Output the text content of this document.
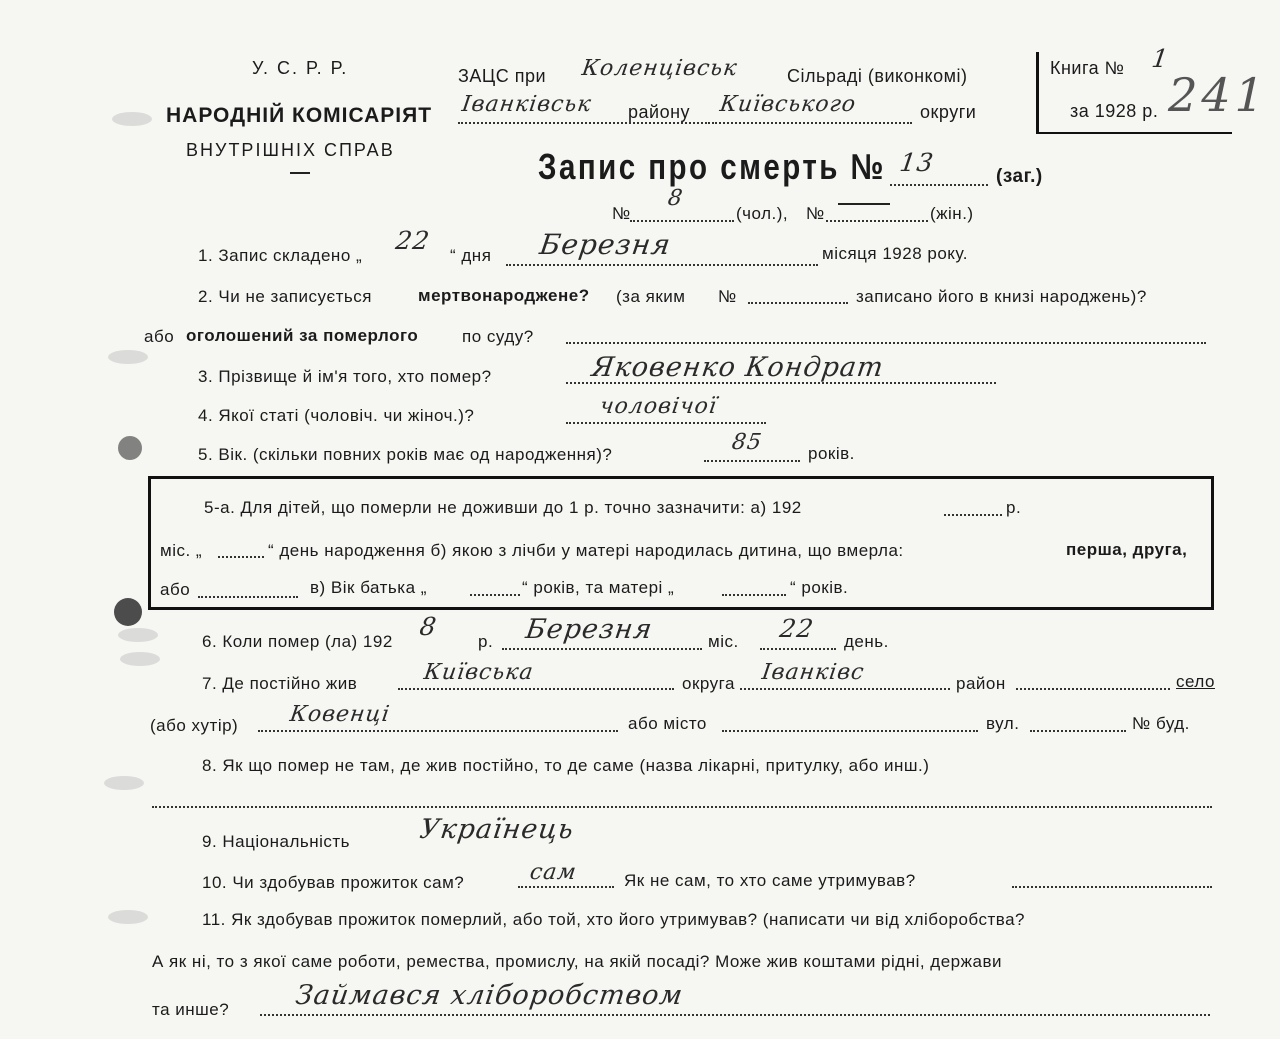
У. С. Р. Р.
НАРОДНІЙ КОМІСАРІЯТ
ВНУТРІШНІХ СПРАВ
ЗАЦС при Коленцівськ	Сільраді (виконкомі)
Іванківськ району Київського	округи
Книга № 1
за 1928 р. 241
Запис про смерть № 13	(заг.)
№
8
(чол.), №	(жін.)
1. Запис складено „
22
“ дня Березня	місяця 1928 року.
2. Чи не записується	мертвонароджене? (за яким №	записано його в книзі народжень)?
або оголошений за померлого	по суду?
3. Прізвище й ім'я того, хто помер?	Яковенко Кондрат
4. Якої статі (чоловіч. чи жіноч.)?	чоловічої
5. Вік. (скільки повних років має од народження)?	85	років.
5-а. Для дітей, що померли не доживши до 1 р. точно зазначити: а) 192	р.
міс. „	“ день народження б) якою з лічби у матері народилась дитина, що вмерла:	перша, друга,
або	в) Вік батька „	“ років, та матері „	“ років.
6. Коли помер (ла) 192
8
р. Березня	міс. 22 день.
7. Де постійно жив	Київська	округа Іванківс	район	село
(або хутір) Ковенці	або місто	вул.	№ буд.
8. Як що помер не там, де жив постійно, то де саме (назва лікарні, притулку, або инш.)
9. Національність	Українець
10. Чи здобував прожиток сам?	сам	Як не сам, то хто саме утримував?
11. Як здобував прожиток померлий, або той, хто його утримував? (написати чи від хліборобства?
А як ні, то з якої саме роботи, ремества, промислу, на якій посаді? Може жив коштами рідні, держави
та инше? Займався хліборобством
